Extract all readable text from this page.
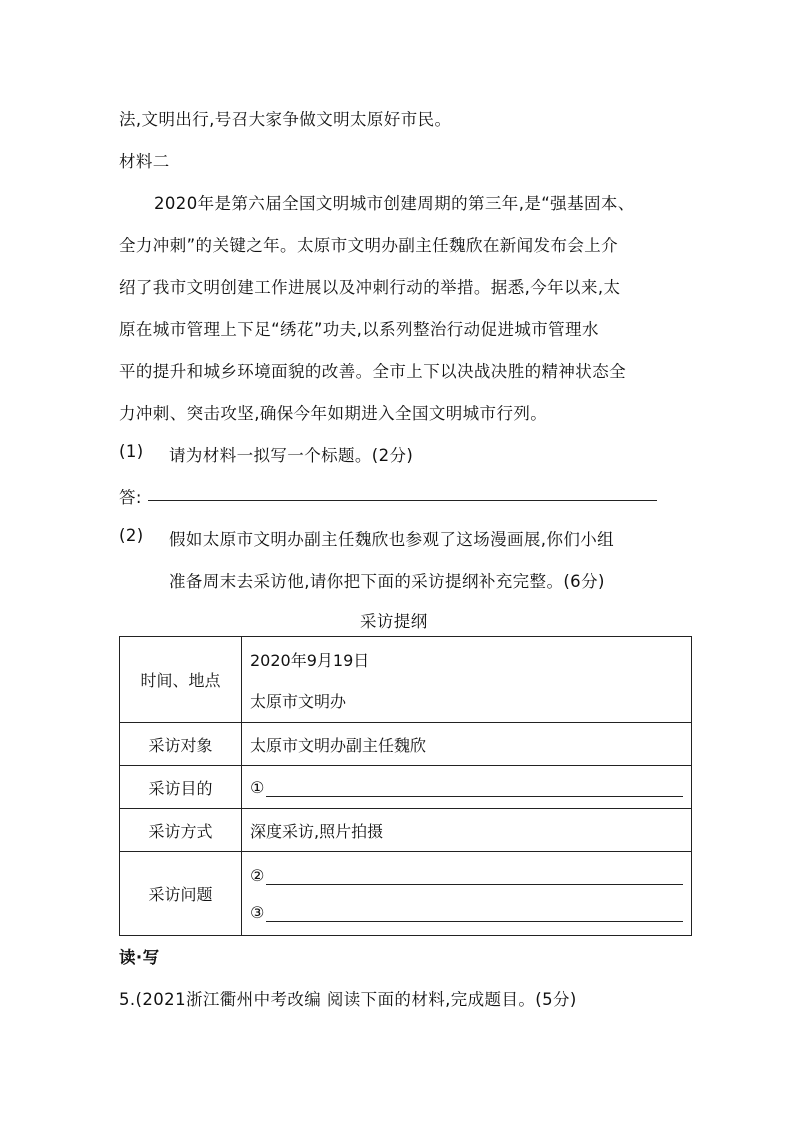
法,文明出行,号召大家争做文明太原好市民。
材料二
2020年是第六届全国文明城市创建周期的第三年,是“强基固本、
全力冲刺”的关键之年。太原市文明办副主任魏欣在新闻发布会上介
绍了我市文明创建工作进展以及冲刺行动的举措。据悉,今年以来,太
原在城市管理上下足“绣花”功夫,以系列整治行动促进城市管理水
平的提升和城乡环境面貌的改善。全市上下以决战决胜的精神状态全
力冲刺、突击攻坚,确保今年如期进入全国文明城市行列。
(1) 请为材料一拟写一个标题。(2分)
答:
(2) 假如太原市文明办副主任魏欣也参观了这场漫画展,你们小组
准备周末去采访他,请你把下面的采访提纲补充完整。(6分)
采访提纲
时间、地点	2020年9月19日
太原市文明办

采访对象	太原市文明办副主任魏欣
采访目的	①

采访方式	深度采访,照片拍摄
采访问题	②
③
读·写
5.(2021浙江衢州中考改编 阅读下面的材料,完成题目。(5分)
